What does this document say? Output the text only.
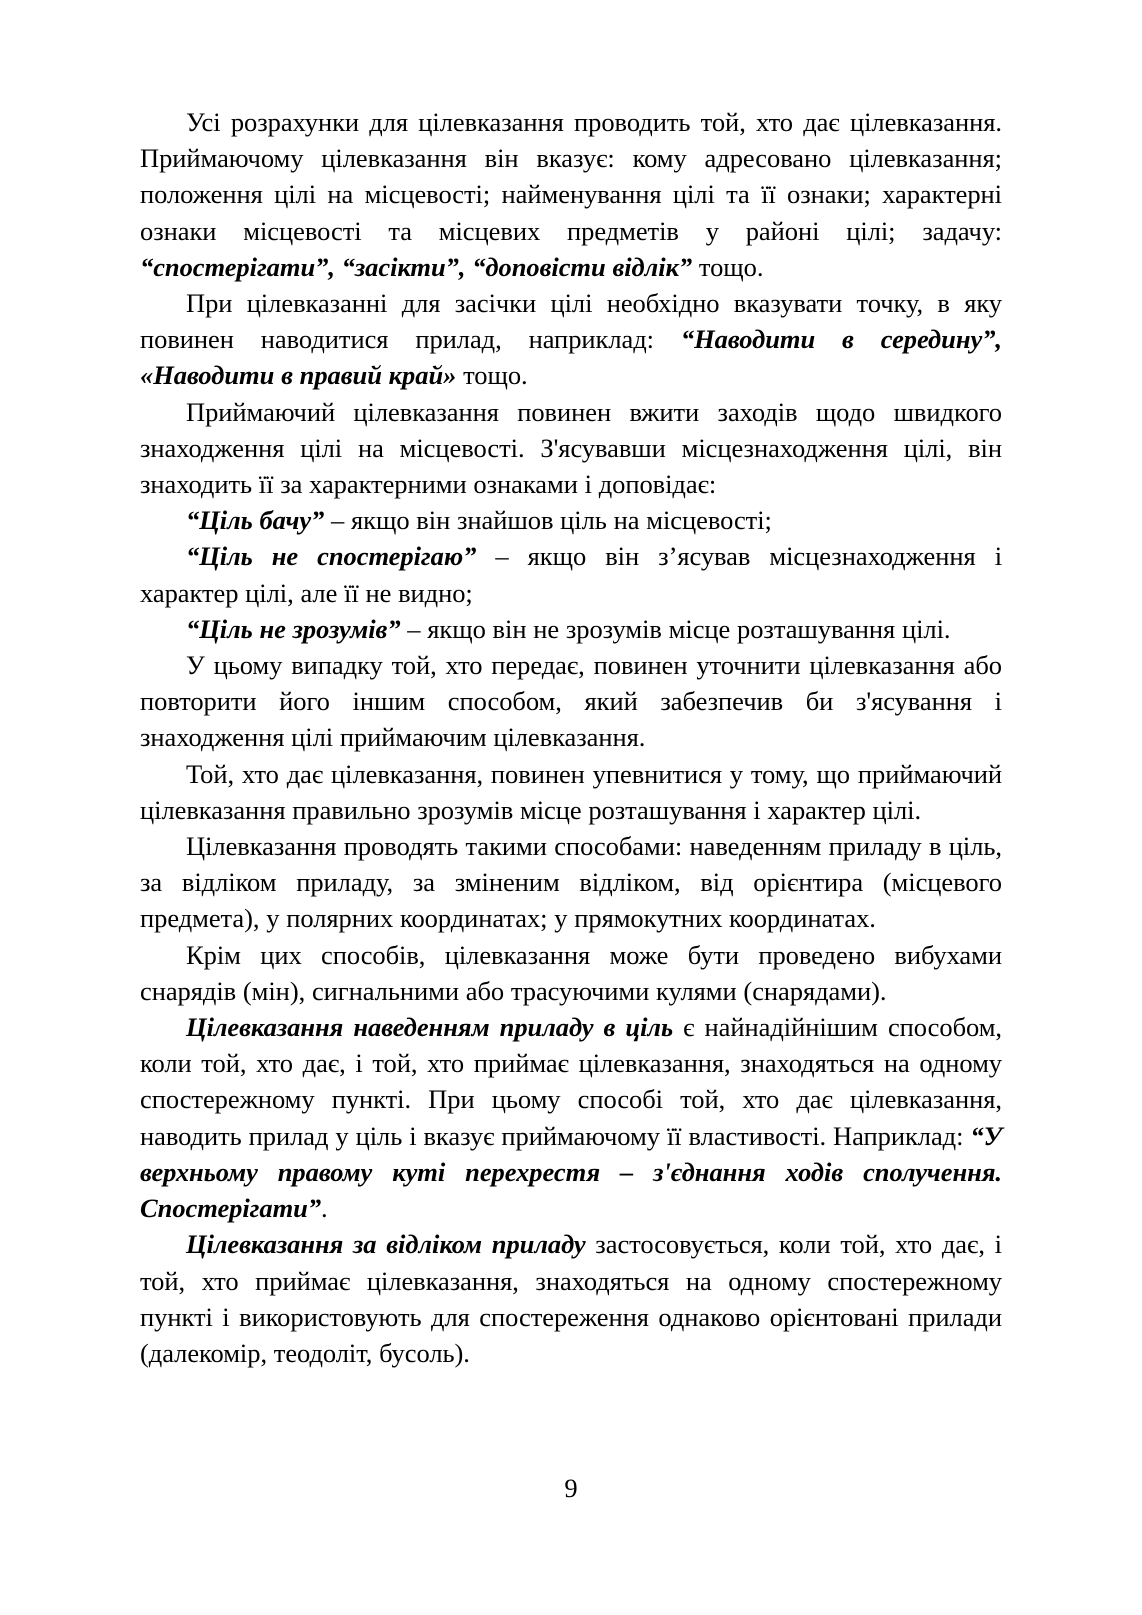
Усі розрахунки для цілевказання проводить той, хто дає цілевказання. Приймаючому цілевказання він вказує: кому адресовано цілевказання; положення цілі на місцевості; найменування цілі та її ознаки; характерні ознаки місцевості та місцевих предметів у районі цілі; задачу: “спостерігати”, “засікти”, “доповісти відлік” тощо.

При цілевказанні для засічки цілі необхідно вказувати точку, в яку повинен наводитися прилад, наприклад: “Наводити в середину”, «Наводити в правий край» тощо.

Приймаючий цілевказання повинен вжити заходів щодо швидкого знаходження цілі на місцевості. З'ясувавши місцезнаходження цілі, він знаходить її за характерними ознаками і доповідає:

“Ціль бачу” – якщо він знайшов ціль на місцевості;

“Ціль не спостерігаю” – якщо він з’ясував місцезнаходження і характер цілі, але її не видно;

“Ціль не зрозумів” – якщо він не зрозумів місце розташування цілі.

У цьому випадку той, хто передає, повинен уточнити цілевказання або повторити його іншим способом, який забезпечив би з'ясування і знаходження цілі приймаючим цілевказання.

Той, хто дає цілевказання, повинен упевнитися у тому, що приймаючий цілевказання правильно зрозумів місце розташування і характер цілі.

Цілевказання проводять такими способами: наведенням приладу в ціль, за відліком приладу, за зміненим відліком, від орієнтира (місцевого предмета), у полярних координатах; у прямокутних координатах.

Крім цих способів, цілевказання може бути проведено вибухами снарядів (мін), сигнальними або трасуючими кулями (снарядами).

Цілевказання наведенням приладу в ціль є найнадійнішим способом, коли той, хто дає, і той, хто приймає цілевказання, знаходяться на одному спостережному пункті. При цьому способі той, хто дає цілевказання, наводить прилад у ціль і вказує приймаючому її властивості. Наприклад: “У верхньому правому куті перехрестя – з'єднання ходів сполучення. Спостерігати”.

Цілевказання за відліком приладу застосовується, коли той, хто дає, і той, хто приймає цілевказання, знаходяться на одному спостережному пункті і використовують для спостереження однаково орієнтовані прилади (далекомір, теодоліт, бусоль).

9
